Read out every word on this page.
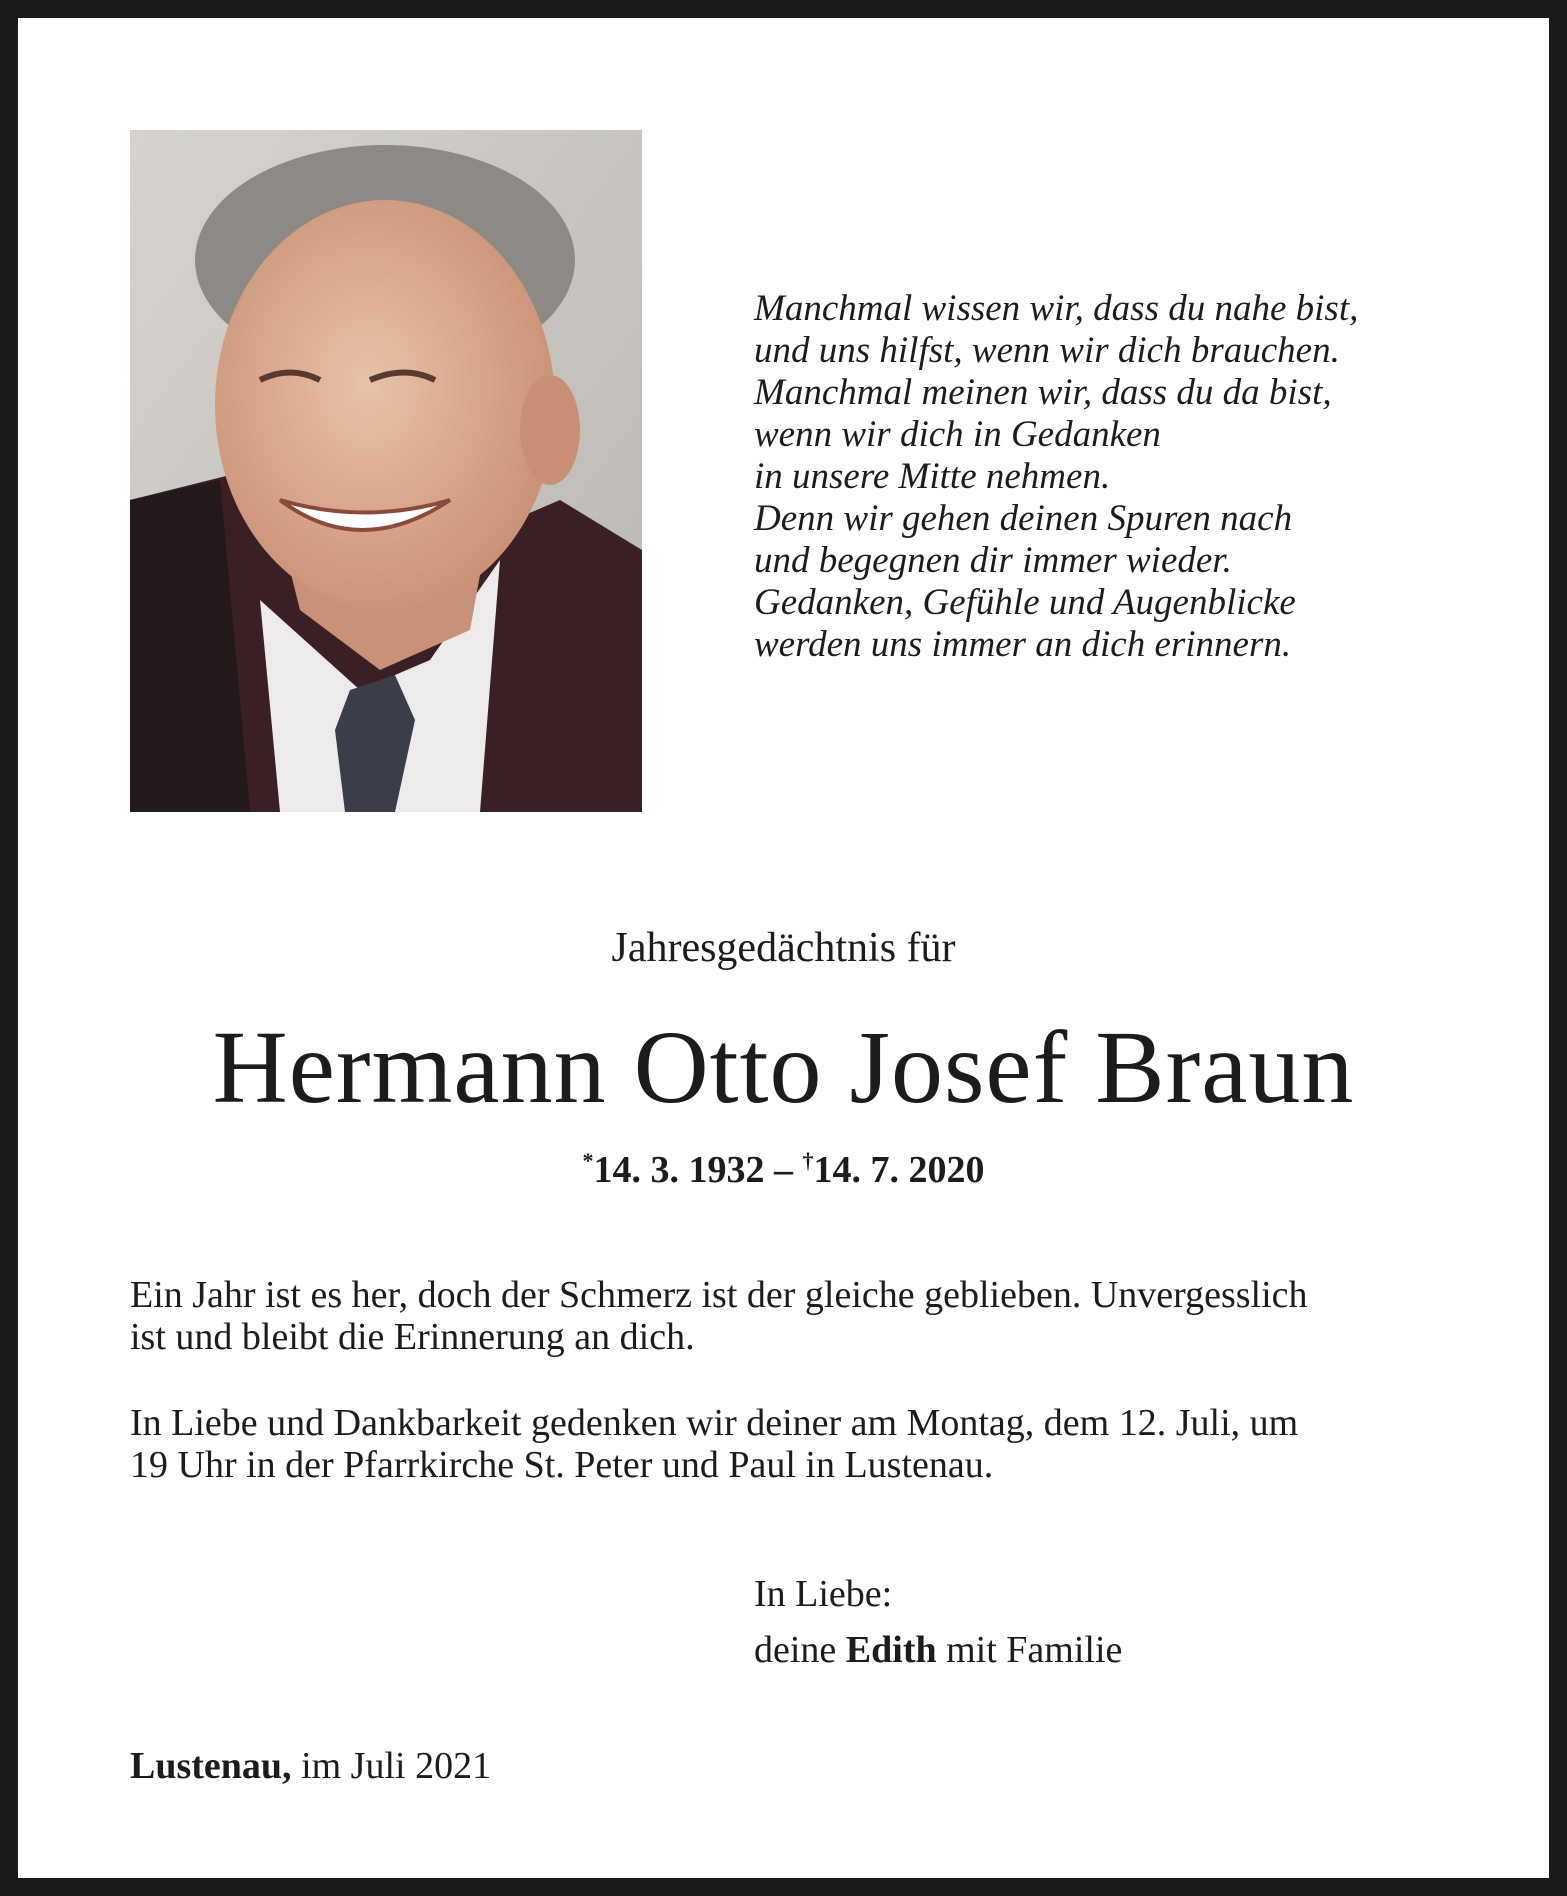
Manchmal wissen wir, dass du nahe bist,
und uns hilfst, wenn wir dich brauchen.
Manchmal meinen wir, dass du da bist,
wenn wir dich in Gedanken
in unsere Mitte nehmen.
Denn wir gehen deinen Spuren nach
und begegnen dir immer wieder.
Gedanken, Gefühle und Augenblicke
werden uns immer an dich erinnern.
Jahresgedächtnis für
Hermann Otto Josef Braun
*14. 3. 1932 – †14. 7. 2020
Ein Jahr ist es her, doch der Schmerz ist der gleiche geblieben. Unvergesslich
ist und bleibt die Erinnerung an dich.
In Liebe und Dankbarkeit gedenken wir deiner am Montag, dem 12. Juli, um
19 Uhr in der Pfarrkirche St. Peter und Paul in Lustenau.
In Liebe:
deine Edith mit Familie
Lustenau, im Juli 2021
